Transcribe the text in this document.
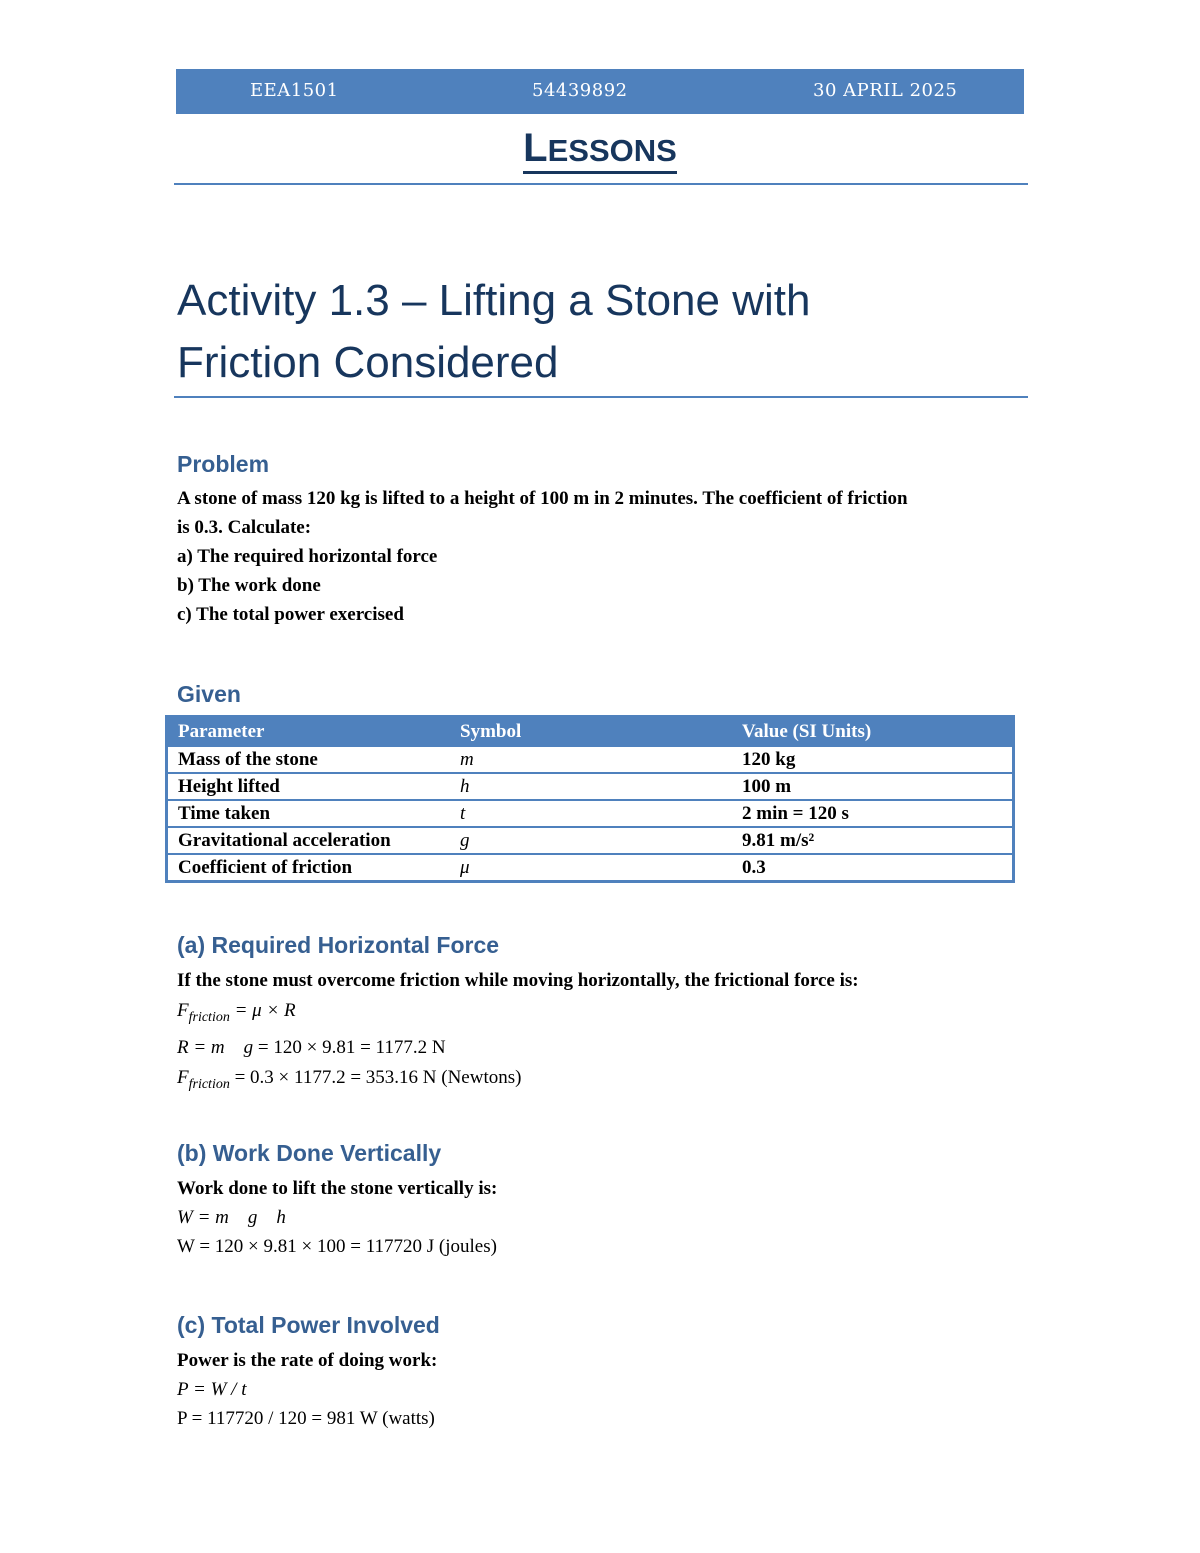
EEA1501	54439892	30 APRIL 2025
LESSONS
Activity 1.3 – Lifting a Stone with
Friction Considered
Problem
A stone of mass 120 kg is lifted to a height of 100 m in 2 minutes. The coefficient of friction
is 0.3. Calculate:
a) The required horizontal force
b) The work done
c) The total power exercised
Given
Parameter	Symbol	Value (SI Units)
Mass of the stone	m	120 kg
Height lifted	h	100 m
Time taken	t	2 min = 120 s
Gravitational acceleration	g	9.81 m/s²
Coefficient of friction	μ	0.3
(a) Required Horizontal Force
If the stone must overcome friction while moving horizontally, the frictional force is:
$F_{friction} = \mu \times R$
R = m    g = 120 × 9.81 = 1177.2 N
$F_{friction} = 0.3 \times 1177.2 = 353.16$ N (Newtons)
(b) Work Done Vertically
Work done to lift the stone vertically is:
W = m    g    h
W = 120 × 9.81 × 100 = 117720 J (joules)
(c) Total Power Involved
Power is the rate of doing work:
P = W / t
P = 117720 / 120 = 981 W (watts)
